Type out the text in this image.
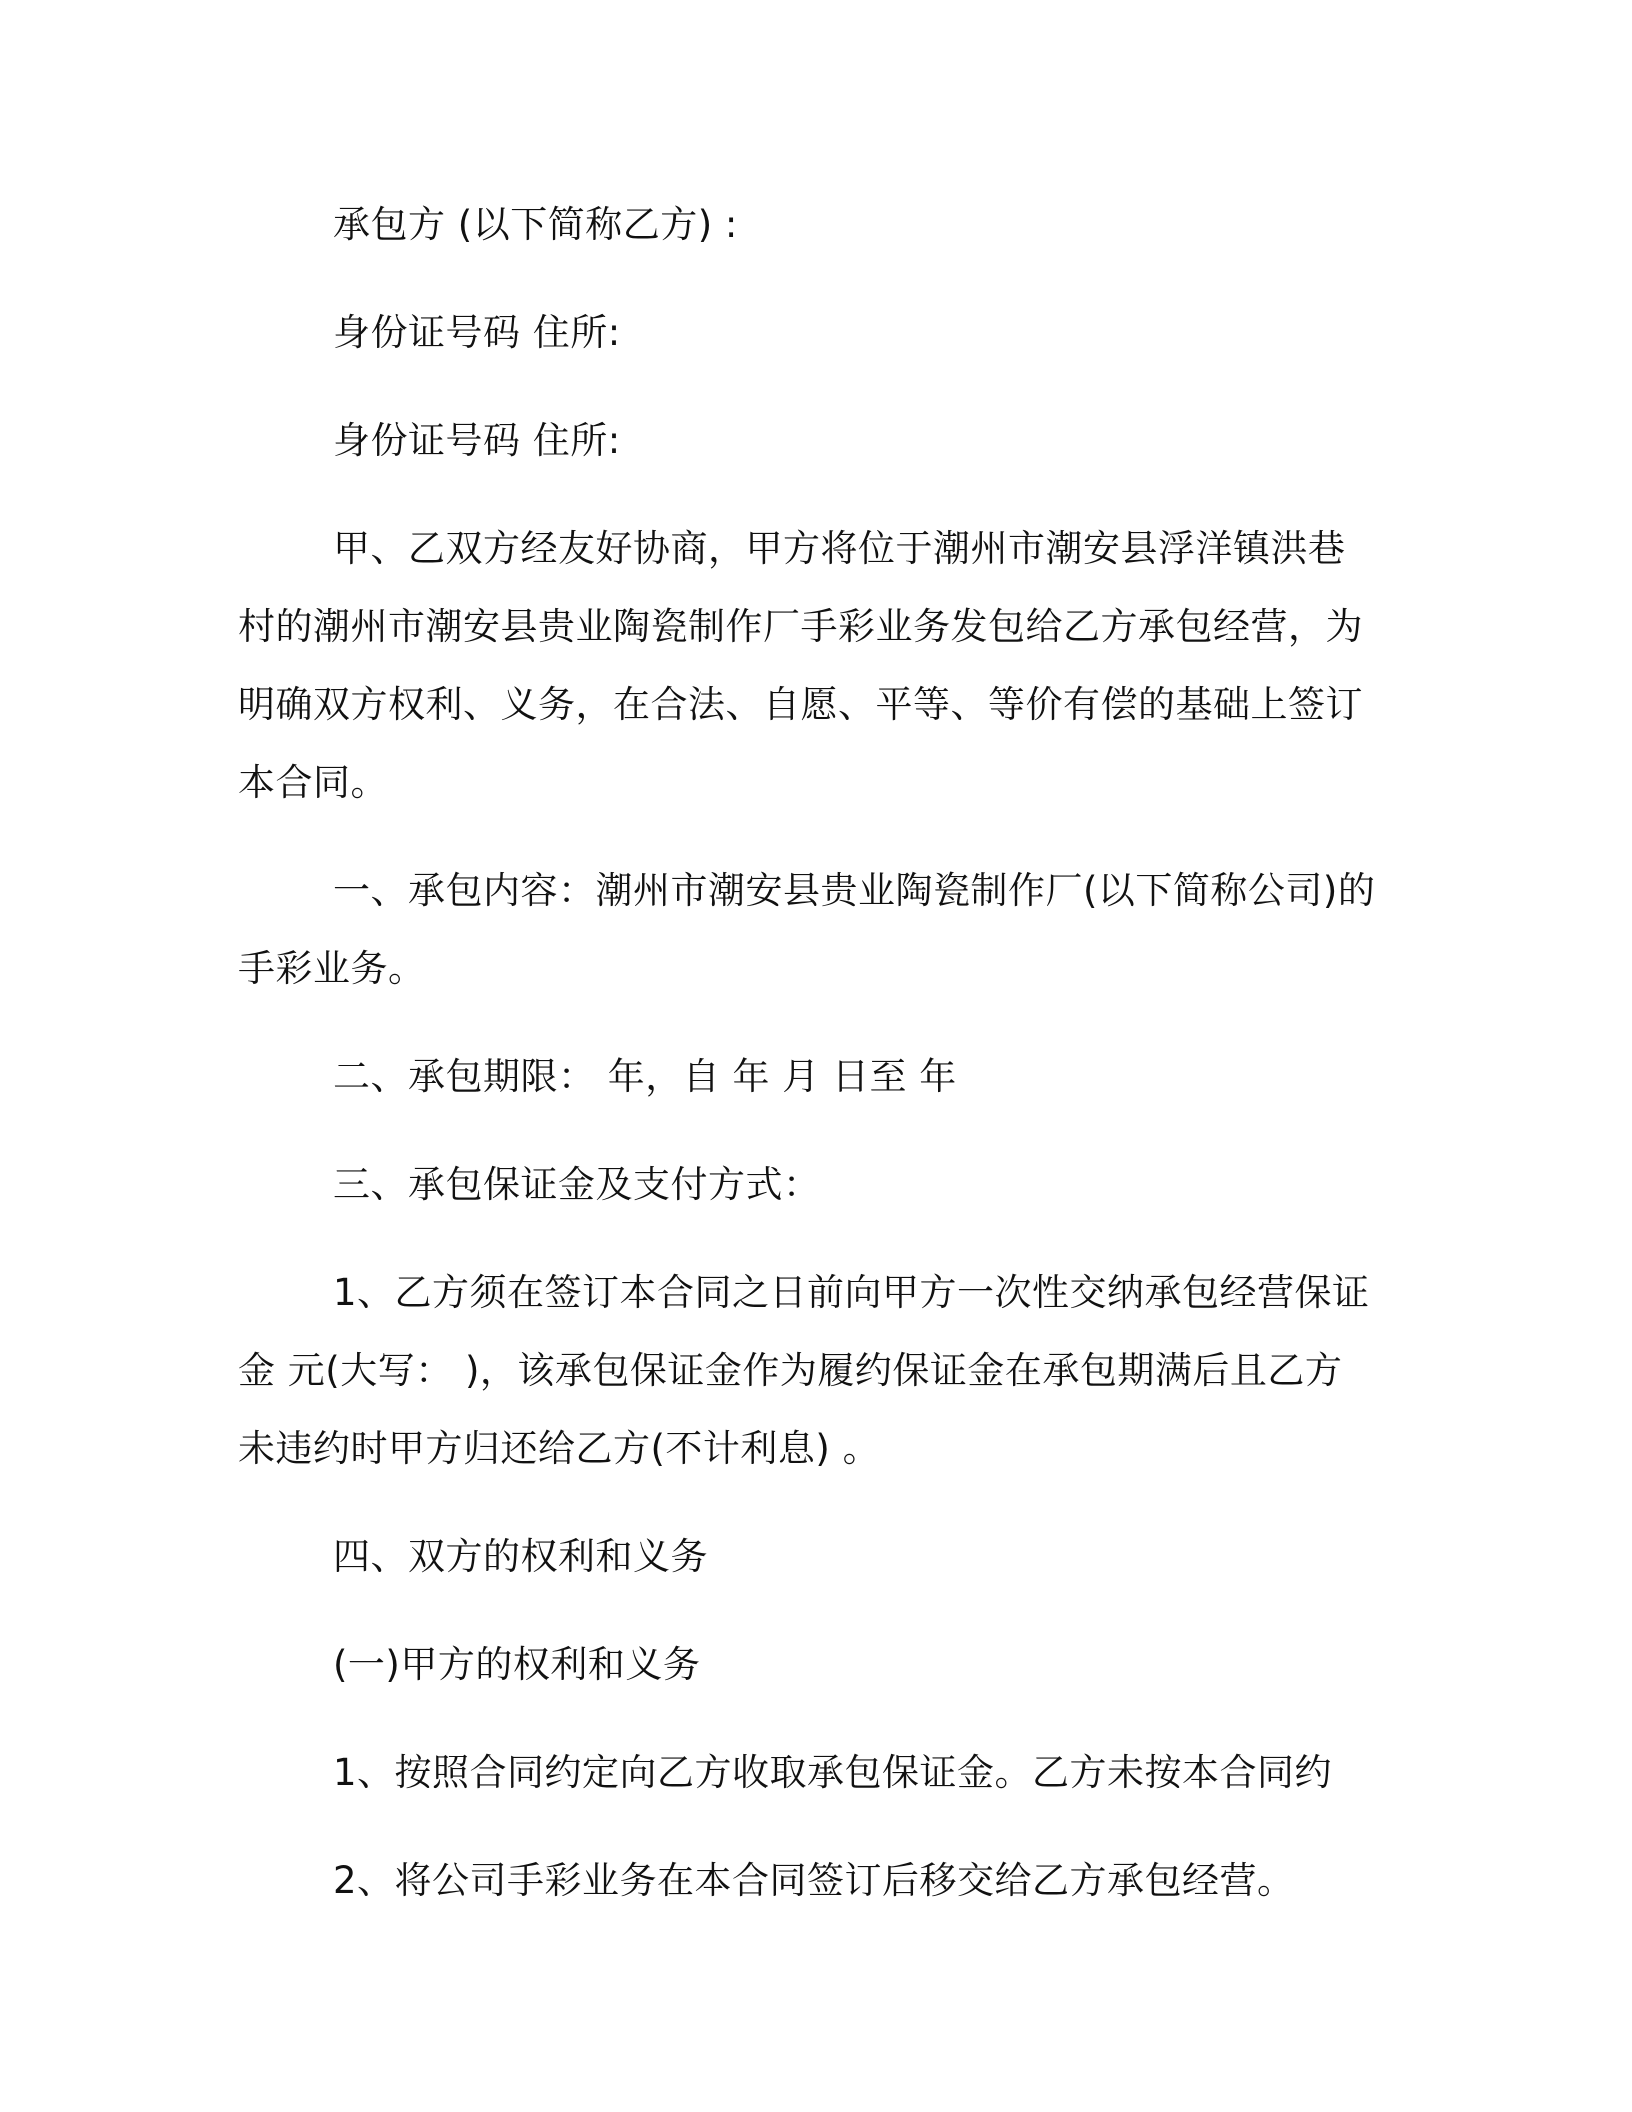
承包方 (以下简称乙方) :

身份证号码 住所:

身份证号码 住所:

甲、乙双方经友好协商，甲方将位于潮州市潮安县浮洋镇洪巷村的潮州市潮安县贵业陶瓷制作厂手彩业务发包给乙方承包经营，为明确双方权利、义务，在合法、自愿、平等、等价有偿的基础上签订本合同。

一、承包内容：潮州市潮安县贵业陶瓷制作厂(以下简称公司)的手彩业务。

二、承包期限： 年，自 年 月 日至 年

三、承包保证金及支付方式：

1、乙方须在签订本合同之日前向甲方一次性交纳承包经营保证金 元(大写： )，该承包保证金作为履约保证金在承包期满后且乙方未违约时甲方归还给乙方(不计利息) 。

四、双方的权利和义务

(一)甲方的权利和义务

1、按照合同约定向乙方收取承包保证金。乙方未按本合同约

2、将公司手彩业务在本合同签订后移交给乙方承包经营。
